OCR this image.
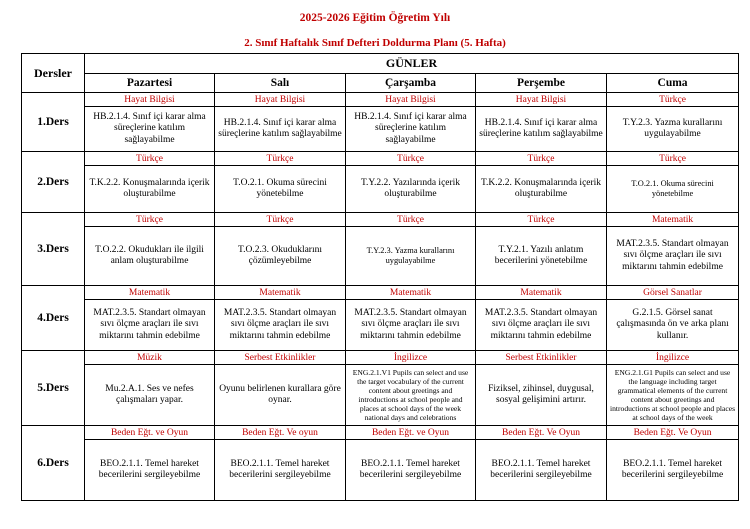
2025-2026 Eğitim Öğretim Yılı
2. Sınıf Haftalık Sınıf Defteri Doldurma Planı (5. Hafta)
Dersler	GÜNLER				
	Pazartesi	Salı	Çarşamba	Perşembe	Cuma
1.Ders	Hayat Bilgisi	Hayat Bilgisi	Hayat Bilgisi	Hayat Bilgisi	Türkçe
	HB.2.1.4. Sınıf içi karar alma süreçlerine katılım sağlayabilme	HB.2.1.4. Sınıf içi karar alma süreçlerine katılım sağlayabilme	HB.2.1.4. Sınıf içi karar alma süreçlerine katılım sağlayabilme	HB.2.1.4. Sınıf içi karar alma süreçlerine katılım sağlayabilme	T.Y.2.3. Yazma kurallarını uygulayabilme
2.Ders	Türkçe	Türkçe	Türkçe	Türkçe	Türkçe
	T.K.2.2. Konuşmalarında içerik oluşturabilme	T.O.2.1. Okuma sürecini yönetebilme	T.Y.2.2. Yazılarında içerik oluşturabilme	T.K.2.2. Konuşmalarında içerik oluşturabilme	T.O.2.1. Okuma sürecini yönetebilme
3.Ders	Türkçe	Türkçe	Türkçe	Türkçe	Matematik
	T.O.2.2. Okudukları ile ilgili anlam oluşturabilme	T.O.2.3. Okuduklarını çözümleyebilme	T.Y.2.3. Yazma kurallarını uygulayabilme	T.Y.2.1. Yazılı anlatım becerilerini yönetebilme	MAT.2.3.5. Standart olmayan sıvı ölçme araçları ile sıvı miktarını tahmin edebilme
4.Ders	Matematik	Matematik	Matematik	Matematik	Görsel Sanatlar
	MAT.2.3.5. Standart olmayan sıvı ölçme araçları ile sıvı miktarını tahmin edebilme	MAT.2.3.5. Standart olmayan sıvı ölçme araçları ile sıvı miktarını tahmin edebilme	MAT.2.3.5. Standart olmayan sıvı ölçme araçları ile sıvı miktarını tahmin edebilme	MAT.2.3.5. Standart olmayan sıvı ölçme araçları ile sıvı miktarını tahmin edebilme	G.2.1.5. Görsel sanat çalışmasında ön ve arka planı kullanır.
5.Ders	Müzik	Serbest Etkinlikler	İngilizce	Serbest Etkinlikler	İngilizce
	Mu.2.A.1. Ses ve nefes çalışmaları yapar.	Oyunu belirlenen kurallara göre oynar.	ENG.2.1.V1 Pupils can select and use the target vocabulary of the current content about greetings and introductions at school people and places at school days of the week national days and celebrations	Fiziksel, zihinsel, duygusal, sosyal gelişimini artırır.	ENG.2.1.G1 Pupils can select and use the language including target grammatical elements of the current content about greetings and introductions at school people and places at school days of the week
6.Ders	Beden Eğt. ve Oyun	Beden Eğt. Ve oyun	Beden Eğt. ve Oyun	Beden Eğt. Ve Oyun	Beden Eğt. Ve Oyun
	BEO.2.1.1. Temel hareket becerilerini sergileyebilme	BEO.2.1.1. Temel hareket becerilerini sergileyebilme	BEO.2.1.1. Temel hareket becerilerini sergileyebilme	BEO.2.1.1. Temel hareket becerilerini sergileyebilme	BEO.2.1.1. Temel hareket becerilerini sergileyebilme
